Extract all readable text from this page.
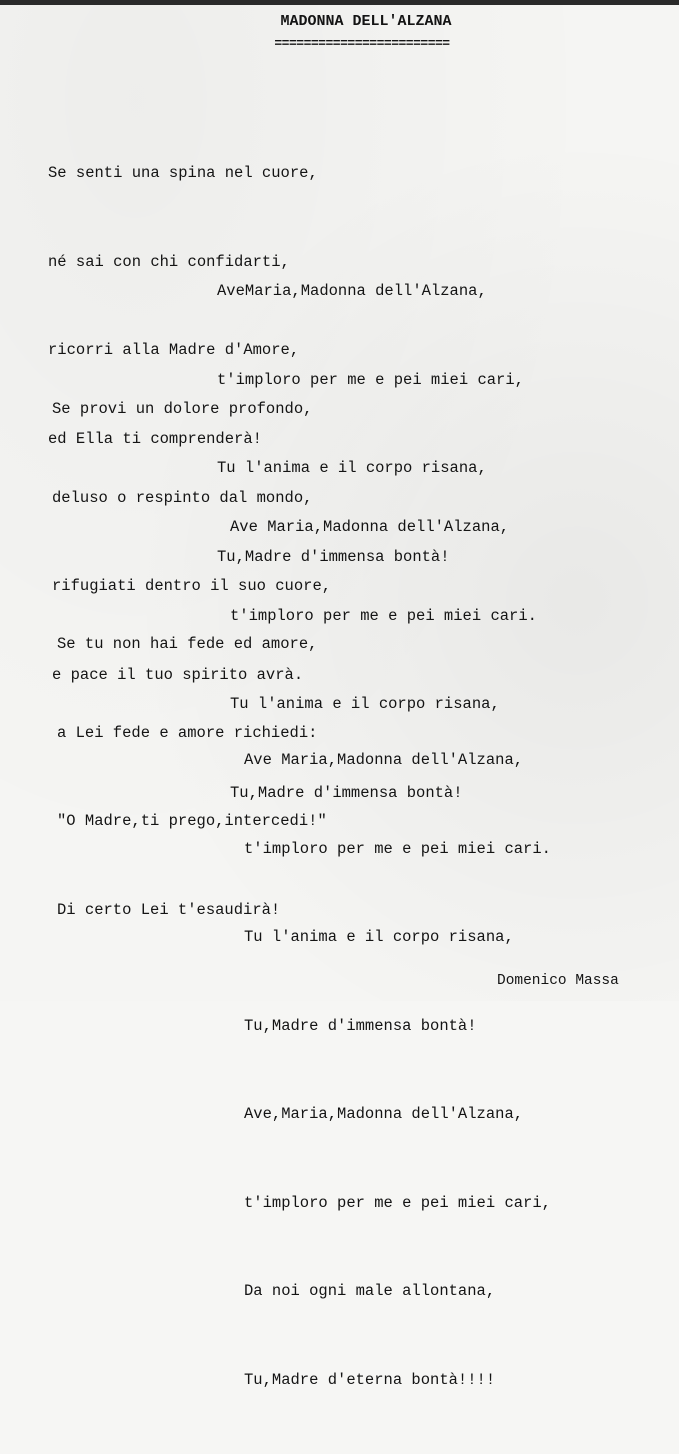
MADONNA DELL'ALZANA
========================

Se senti una spina nel cuore,

né sai con chi confidarti,

ricorri alla Madre d'Amore,

ed Ella ti comprenderà!

AveMaria,Madonna dell'Alzana,

t'imploro per me e pei miei cari,

Tu l'anima e il corpo risana,

Tu,Madre d'immensa bontà!

Se provi un dolore profondo,

deluso o respinto dal mondo,

rifugiati dentro il suo cuore,

e pace il tuo spirito avrà.

Ave Maria,Madonna dell'Alzana,

t'imploro per me e pei miei cari.

Tu l'anima e il corpo risana,

Tu,Madre d'immensa bontà!

Se tu non hai fede ed amore,

a Lei fede e amore richiedi:

"O Madre,ti prego,intercedi!"

Di certo Lei t'esaudirà!

Ave Maria,Madonna dell'Alzana,

t'imploro per me e pei miei cari.

Tu l'anima e il corpo risana,

Tu,Madre d'immensa bontà!

Ave,Maria,Madonna dell'Alzana,

t'imploro per me e pei miei cari,

Da noi ogni male allontana,

Tu,Madre d'eterna bontà!!!!

Domenico Massa
